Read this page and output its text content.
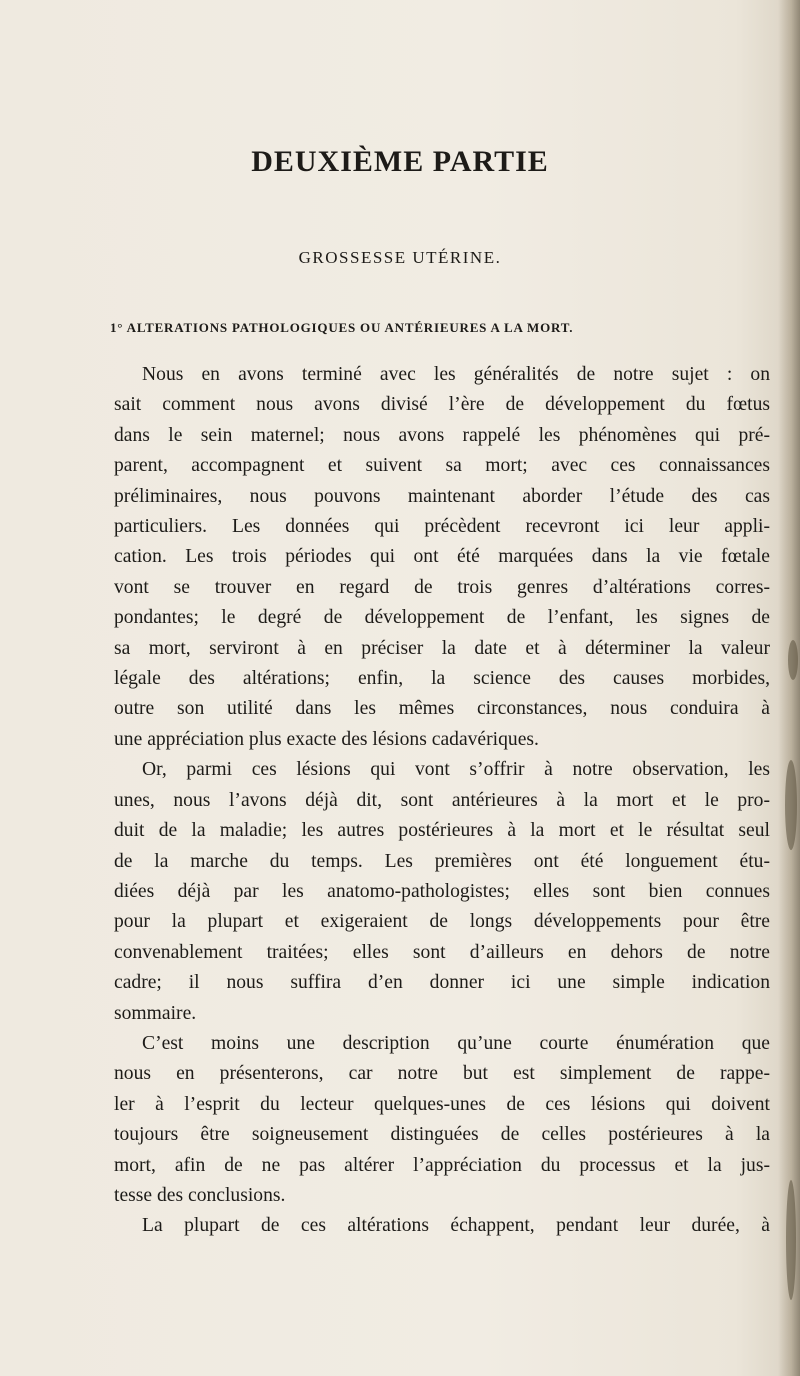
DEUXIÈME PARTIE
GROSSESSE UTÉRINE.
1° ALTERATIONS PATHOLOGIQUES OU ANTÉRIEURES A LA MORT.
Nous en avons terminé avec les généralités de notre sujet : on
sait comment nous avons divisé l’ère de développement du fœtus
dans le sein maternel; nous avons rappelé les phénomènes qui pré-
parent, accompagnent et suivent sa mort; avec ces connaissances
préliminaires, nous pouvons maintenant aborder l’étude des cas
particuliers. Les données qui précèdent recevront ici leur appli-
cation. Les trois périodes qui ont été marquées dans la vie fœtale
vont se trouver en regard de trois genres d’altérations corres-
pondantes; le degré de développement de l’enfant, les signes de
sa mort, serviront à en préciser la date et à déterminer la valeur
légale des altérations; enfin, la science des causes morbides,
outre son utilité dans les mêmes circonstances, nous conduira à
une appréciation plus exacte des lésions cadavériques.
Or, parmi ces lésions qui vont s’offrir à notre observation, les
unes, nous l’avons déjà dit, sont antérieures à la mort et le pro-
duit de la maladie; les autres postérieures à la mort et le résultat seul
de la marche du temps. Les premières ont été longuement étu-
diées déjà par les anatomo-pathologistes; elles sont bien connues
pour la plupart et exigeraient de longs développements pour être
convenablement traitées; elles sont d’ailleurs en dehors de notre
cadre; il nous suffira d’en donner ici une simple indication
sommaire.
C’est moins une description qu’une courte énumération que
nous en présenterons, car notre but est simplement de rappe-
ler à l’esprit du lecteur quelques-unes de ces lésions qui doivent
toujours être soigneusement distinguées de celles postérieures à la
mort, afin de ne pas altérer l’appréciation du processus et la jus-
tesse des conclusions.
La plupart de ces altérations échappent, pendant leur durée, à
